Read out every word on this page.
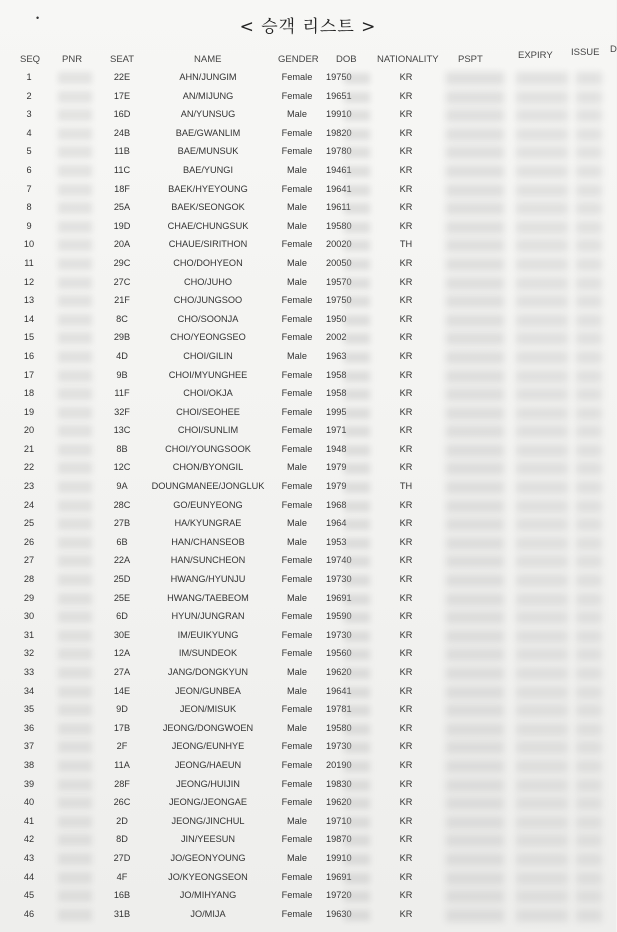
•	< 승객 리스트 >
SEQ PNR	SEAT	NAME	GENDER DOB NATIONALITY PSPT	EXPIRY ISSUE D
1	22E	AHN/JUNGIM	Female	19750	KR
2	17E	AN/MIJUNG	Female	19651	KR
3	16D	AN/YUNSUG	Male	19910	KR
4	24B	BAE/GWANLIM	Female	19820	KR
5	11B	BAE/MUNSUK	Female	19780	KR
6	11C	BAE/YUNGI	Male	19461	KR
7	18F	BAEK/HYEYOUNG	Female	19641	KR
8	25A	BAEK/SEONGOK	Male	19611	KR
9	19D	CHAE/CHUNGSUK	Male	19580	KR
10	20A	CHAUE/SIRITHON	Female	20020	TH
11	29C	CHO/DOHYEON	Male	20050	KR
12	27C	CHO/JUHO	Male	19570	KR
13	21F	CHO/JUNGSOO	Female	19750	KR
14	8C	CHO/SOONJA	Female	1950	KR
15	29B	CHO/YEONGSEO	Female	2002	KR
16	4D	CHOI/GILIN	Male	1963	KR
17	9B	CHOI/MYUNGHEE	Female	1958	KR
18	11F	CHOI/OKJA	Female	1958	KR
19	32F	CHOI/SEOHEE	Female	1995	KR
20	13C	CHOI/SUNLIM	Female	1971	KR
21	8B	CHOI/YOUNGSOOK	Female	1948	KR
22	12C	CHON/BYONGIL	Male	1979	KR
23	9A	DOUNGMANEE/JONGLUK	Female	1979	TH
24	28C	GO/EUNYEONG	Female	1968	KR
25	27B	HA/KYUNGRAE	Male	1964	KR
26	6B	HAN/CHANSEOB	Male	1953	KR
27	22A	HAN/SUNCHEON	Female	19740	KR
28	25D	HWANG/HYUNJU	Female	19730	KR
29	25E	HWANG/TAEBEOM	Male	19691	KR
30	6D	HYUN/JUNGRAN	Female	19590	KR
31	30E	IM/EUIKYUNG	Female	19730	KR
32	12A	IM/SUNDEOK	Female	19560	KR
33	27A	JANG/DONGKYUN	Male	19620	KR
34	14E	JEON/GUNBEA	Male	19641	KR
35	9D	JEON/MISUK	Female	19781	KR
36	17B	JEONG/DONGWOEN	Male	19580	KR
37	2F	JEONG/EUNHYE	Female	19730	KR
38	11A	JEONG/HAEUN	Female	20190	KR
39	28F	JEONG/HUIJIN	Female	19830	KR
40	26C	JEONG/JEONGAE	Female	19620	KR
41	2D	JEONG/JINCHUL	Male	19710	KR
42	8D	JIN/YEESUN	Female	19870	KR
43	27D	JO/GEONYOUNG	Male	19910	KR
44	4F	JO/KYEONGSEON	Female	19691	KR
45	16B	JO/MIHYANG	Female	19720	KR
46	31B	JO/MIJA	Female	19630	KR
